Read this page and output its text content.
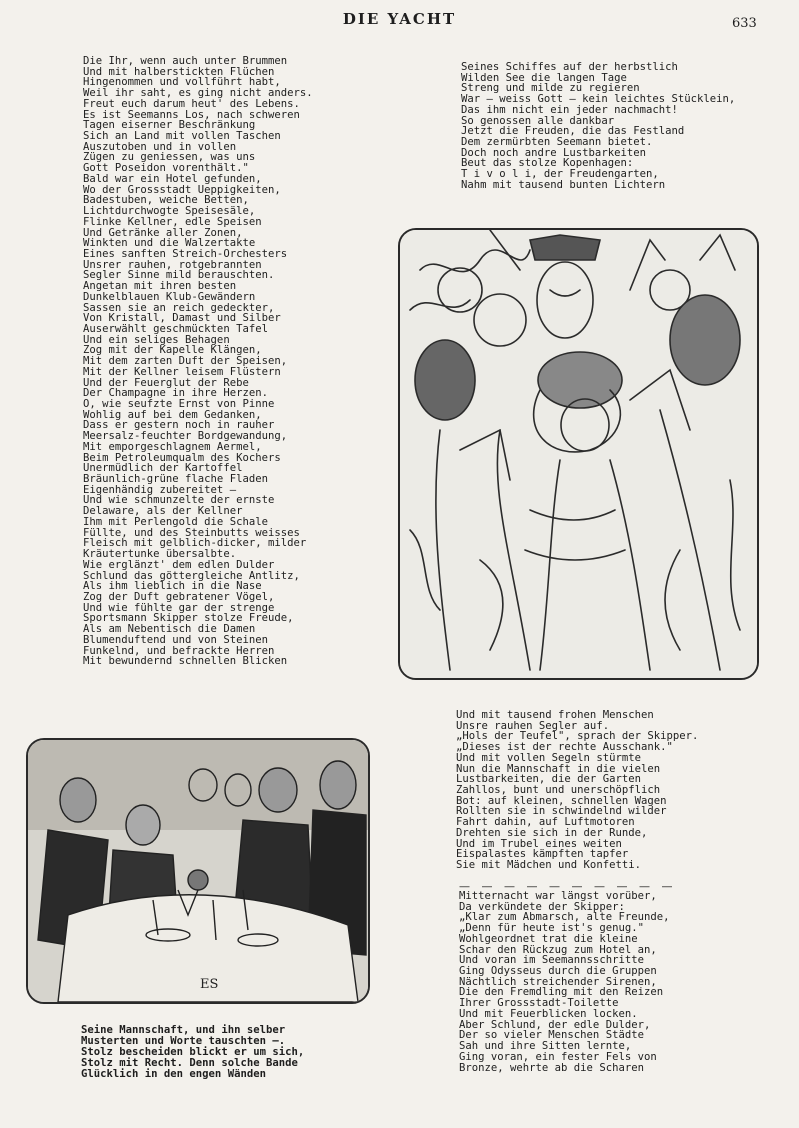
DIE YACHT	633
Die Ihr, wenn auch unter Brummen
Und mit halberstickten Flüchen
Hingenommen und vollführt habt,
Weil ihr saht, es ging nicht anders.
Freut euch darum heut' des Lebens.
Es ist Seemanns Los, nach schweren
Tagen eiserner Beschränkung
Sich an Land mit vollen Taschen
Auszutoben und in vollen
Zügen zu geniessen, was uns
Gott Poseidon vorenthält."
Bald war ein Hotel gefunden,
Wo der Grossstadt Ueppigkeiten,
Badestuben, weiche Betten,
Lichtdurchwogte Speisesäle,
Flinke Kellner, edle Speisen
Und Getränke aller Zonen,
Winkten und die Walzertakte
Eines sanften Streich-Orchesters
Unsrer rauhen, rotgebrannten
Segler Sinne mild berauschten.
Angetan mit ihren besten
Dunkelblauen Klub-Gewändern
Sassen sie an reich gedeckter,
Von Kristall, Damast und Silber
Auserwählt geschmückten Tafel
Und ein seliges Behagen
Zog mit der Kapelle Klängen,
Mit dem zarten Duft der Speisen,
Mit der Kellner leisem Flüstern
Und der Feuerglut der Rebe
Der Champagne in ihre Herzen.
O, wie seufzte Ernst von Pinne
Wohlig auf bei dem Gedanken,
Dass er gestern noch in rauher
Meersalz-feuchter Bordgewandung,
Mit emporgeschlagnem Aermel,
Beim Petroleumqualm des Kochers
Unermüdlich der Kartoffel
Bräunlich-grüne flache Fladen
Eigenhändig zubereitet —
Und wie schmunzelte der ernste
Delaware, als der Kellner
Ihm mit Perlengold die Schale
Füllte, und des Steinbutts weisses
Fleisch mit gelblich-dicker, milder
Kräutertunke übersalbte.
Wie erglänzt' dem edlen Dulder
Schlund das göttergleiche Antlitz,
Als ihm lieblich in die Nase
Zog der Duft gebratener Vögel,
Und wie fühlte gar der strenge
Sportsmann Skipper stolze Freude,
Als am Nebentisch die Damen
Blumenduftend und von Steinen
Funkelnd, und befrackte Herren
Mit bewundernd schnellen Blicken
Seines Schiffes auf der herbstlich
Wilden See die langen Tage
Streng und milde zu regieren
War — weiss Gott — kein leichtes Stücklein,
Das ihm nicht ein jeder nachmacht!
So genossen alle dankbar
Jetzt die Freuden, die das Festland
Dem zermürbten Seemann bietet.
Doch noch andre Lustbarkeiten
Beut das stolze Kopenhagen:
T i v o l i, der Freudengarten,
Nahm mit tausend bunten Lichtern
Und mit tausend frohen Menschen
Unsre rauhen Segler auf.
„Hols der Teufel", sprach der Skipper.
„Dieses ist der rechte Ausschank."
Und mit vollen Segeln stürmte
Nun die Mannschaft in die vielen
Lustbarkeiten, die der Garten
Zahllos, bunt und unerschöpflich
Bot: auf kleinen, schnellen Wagen
Rollten sie in schwindelnd wilder
Fahrt dahin, auf Luftmotoren
Drehten sie sich in der Runde,
Und im Trubel eines weiten
Eispalastes kämpften tapfer
Sie mit Mädchen und Konfetti.
— — — — — — — — — —
Mitternacht war längst vorüber,
Da verkündete der Skipper:
„Klar zum Abmarsch, alte Freunde,
„Denn für heute ist's genug."
Wohlgeordnet trat die kleine
Schar den Rückzug zum Hotel an,
Und voran im Seemannsschritte
Ging Odysseus durch die Gruppen
Nächtlich streichender Sirenen,
Die den Fremdling mit den Reizen
Ihrer Grossstadt-Toilette
Und mit Feuerblicken locken.
Aber Schlund, der edle Dulder,
Der so vieler Menschen Städte
Sah und ihre Sitten lernte,
Ging voran, ein fester Fels von
Bronze, wehrte ab die Scharen
ES
Seine Mannschaft, und ihn selber
Musterten und Worte tauschten —.
Stolz bescheiden blickt er um sich,
Stolz mit Recht. Denn solche Bande
Glücklich in den engen Wänden
